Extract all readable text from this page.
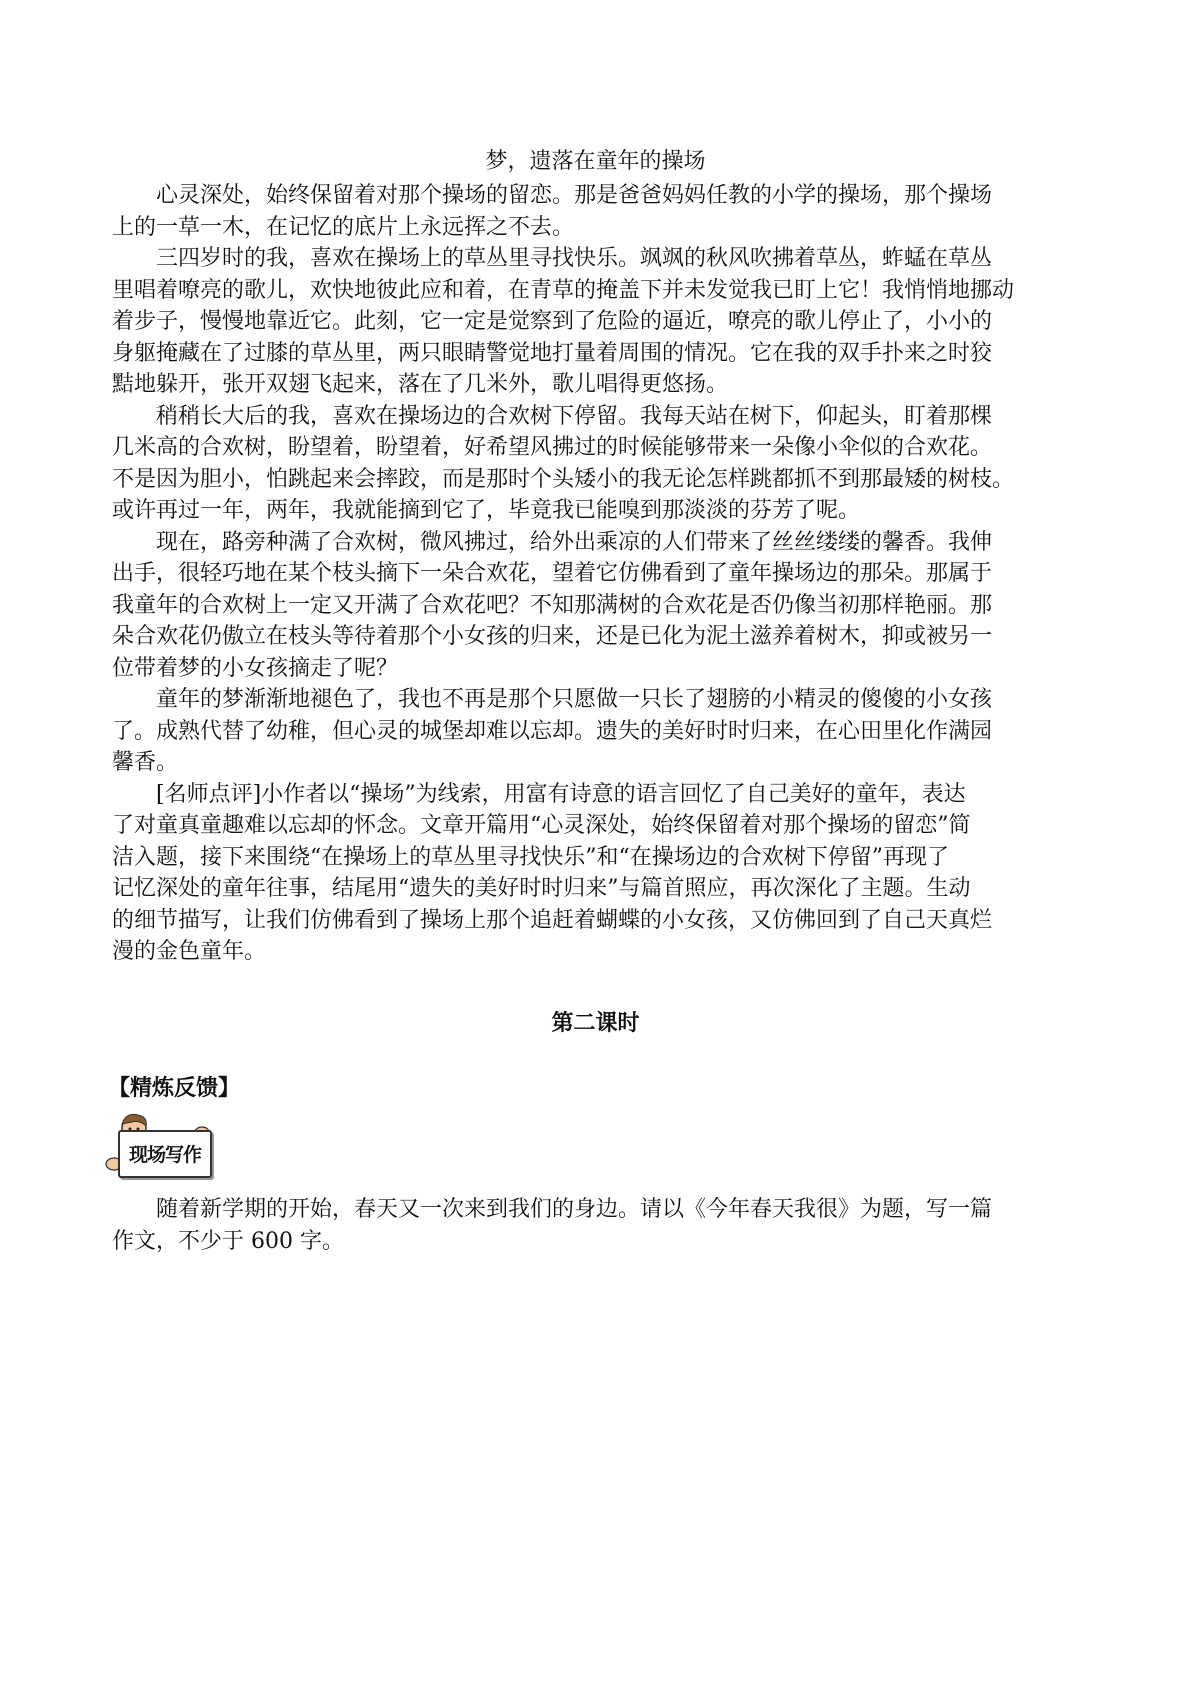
梦，遗落在童年的操场
　　心灵深处，始终保留着对那个操场的留恋。那是爸爸妈妈任教的小学的操场，那个操场
上的一草一木，在记忆的底片上永远挥之不去。
　　三四岁时的我，喜欢在操场上的草丛里寻找快乐。飒飒的秋风吹拂着草丛，蚱蜢在草丛
里唱着嘹亮的歌儿，欢快地彼此应和着，在青草的掩盖下并未发觉我已盯上它！我悄悄地挪动
着步子，慢慢地靠近它。此刻，它一定是觉察到了危险的逼近，嘹亮的歌儿停止了，小小的
身躯掩藏在了过膝的草丛里，两只眼睛警觉地打量着周围的情况。它在我的双手扑来之时狡
黠地躲开，张开双翅飞起来，落在了几米外，歌儿唱得更悠扬。
　　稍稍长大后的我，喜欢在操场边的合欢树下停留。我每天站在树下，仰起头，盯着那棵
几米高的合欢树，盼望着，盼望着，好希望风拂过的时候能够带来一朵像小伞似的合欢花。
不是因为胆小，怕跳起来会摔跤，而是那时个头矮小的我无论怎样跳都抓不到那最矮的树枝。
或许再过一年，两年，我就能摘到它了，毕竟我已能嗅到那淡淡的芬芳了呢。
　　现在，路旁种满了合欢树，微风拂过，给外出乘凉的人们带来了丝丝缕缕的馨香。我伸
出手，很轻巧地在某个枝头摘下一朵合欢花，望着它仿佛看到了童年操场边的那朵。那属于
我童年的合欢树上一定又开满了合欢花吧？不知那满树的合欢花是否仍像当初那样艳丽。那
朵合欢花仍傲立在枝头等待着那个小女孩的归来，还是已化为泥土滋养着树木，抑或被另一
位带着梦的小女孩摘走了呢？
　　童年的梦渐渐地褪色了，我也不再是那个只愿做一只长了翅膀的小精灵的傻傻的小女孩
了。成熟代替了幼稚，但心灵的城堡却难以忘却。遗失的美好时时归来，在心田里化作满园
馨香。
　　[名师点评]小作者以“操场”为线索，用富有诗意的语言回忆了自己美好的童年，表达
了对童真童趣难以忘却的怀念。文章开篇用“心灵深处，始终保留着对那个操场的留恋”简
洁入题，接下来围绕“在操场上的草丛里寻找快乐”和“在操场边的合欢树下停留”再现了
记忆深处的童年往事，结尾用“遗失的美好时时归来”与篇首照应，再次深化了主题。生动
的细节描写，让我们仿佛看到了操场上那个追赶着蝴蝶的小女孩，又仿佛回到了自己天真烂
漫的金色童年。
第二课时
【精炼反馈】
现场写作
　　随着新学期的开始，春天又一次来到我们的身边。请以《今年春天我很》为题，写一篇
作文，不少于 600 字。
